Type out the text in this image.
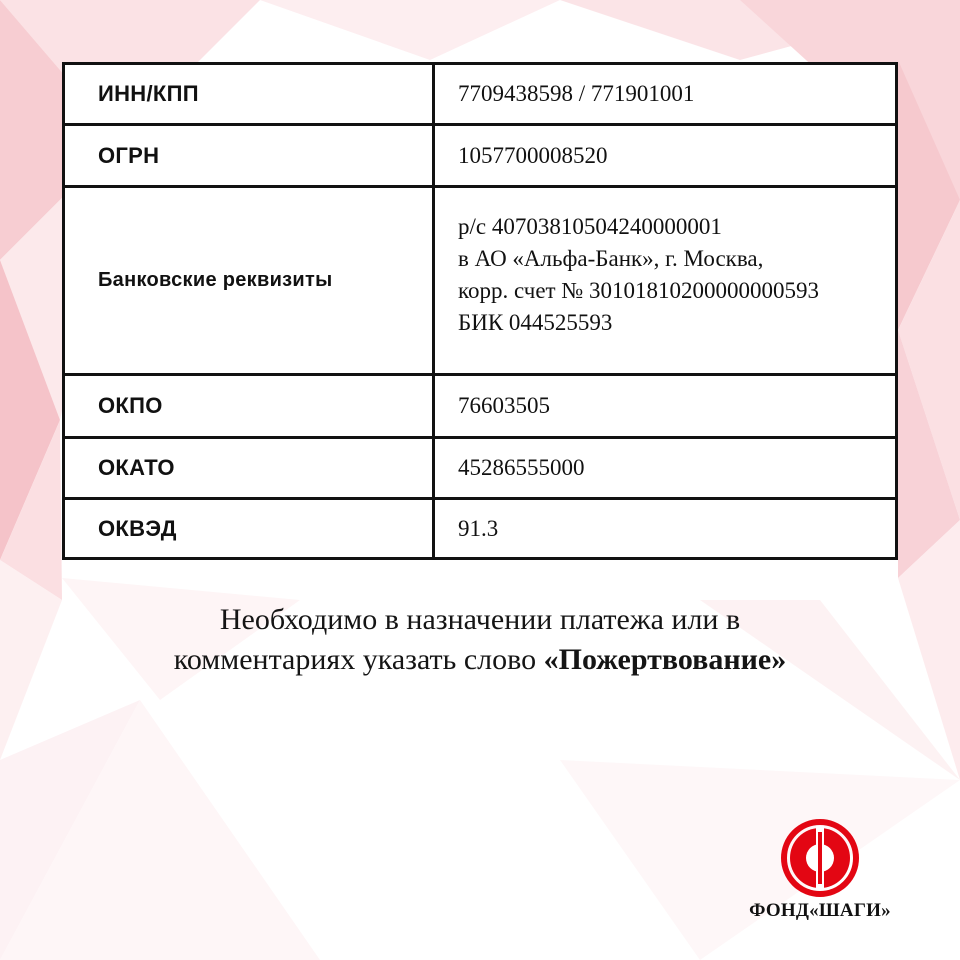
ИНН/КПП	7709438598 / 771901001
ОГРН	1057700008520
Банковские реквизиты	р/с 40703810504240000001
в АО «Альфа-Банк», г. Москва,
корр. счет № 30101810200000000593
БИК 044525593

ОКПО	76603505
ОКАТО	45286555000
ОКВЭД	91.3
Необходимо в назначении платежа или в
комментариях указать слово «Пожертвование»
ФОНД«ШАГИ»
